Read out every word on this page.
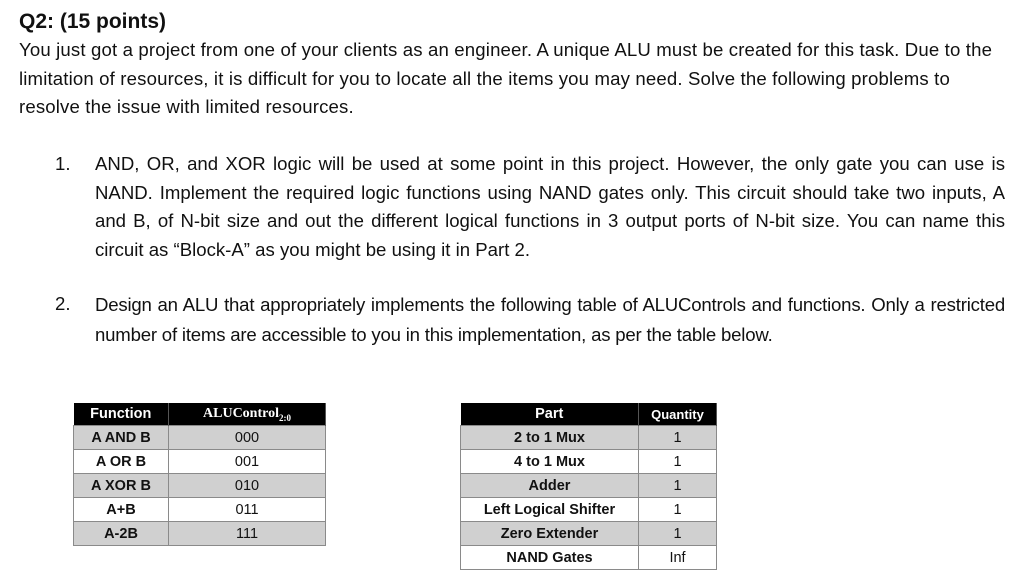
Q2: (15 points)
You just got a project from one of your clients as an engineer. A unique ALU must be created for this task. Due to the limitation of resources, it is difficult for you to locate all the items you may need. Solve the following problems to resolve the issue with limited resources.
1. AND, OR, and XOR logic will be used at some point in this project. However, the only gate you can use is NAND. Implement the required logic functions using NAND gates only. This circuit should take two inputs, A and B, of N-bit size and out the different logical functions in 3 output ports of N-bit size. You can name this circuit as “Block-A” as you might be using it in Part 2.
2. Design an ALU that appropriately implements the following table of ALUControls and functions. Only a restricted number of items are accessible to you in this implementation, as per the table below.
Function	ALUControl$_{2:0}$
A AND B	000
A OR B	001
A XOR B	010
A+B	011
A-2B	111
Part	Quantity
2 to 1 Mux	1
4 to 1 Mux	1
Adder	1
Left Logical Shifter	1
Zero Extender	1
NAND Gates	Inf
